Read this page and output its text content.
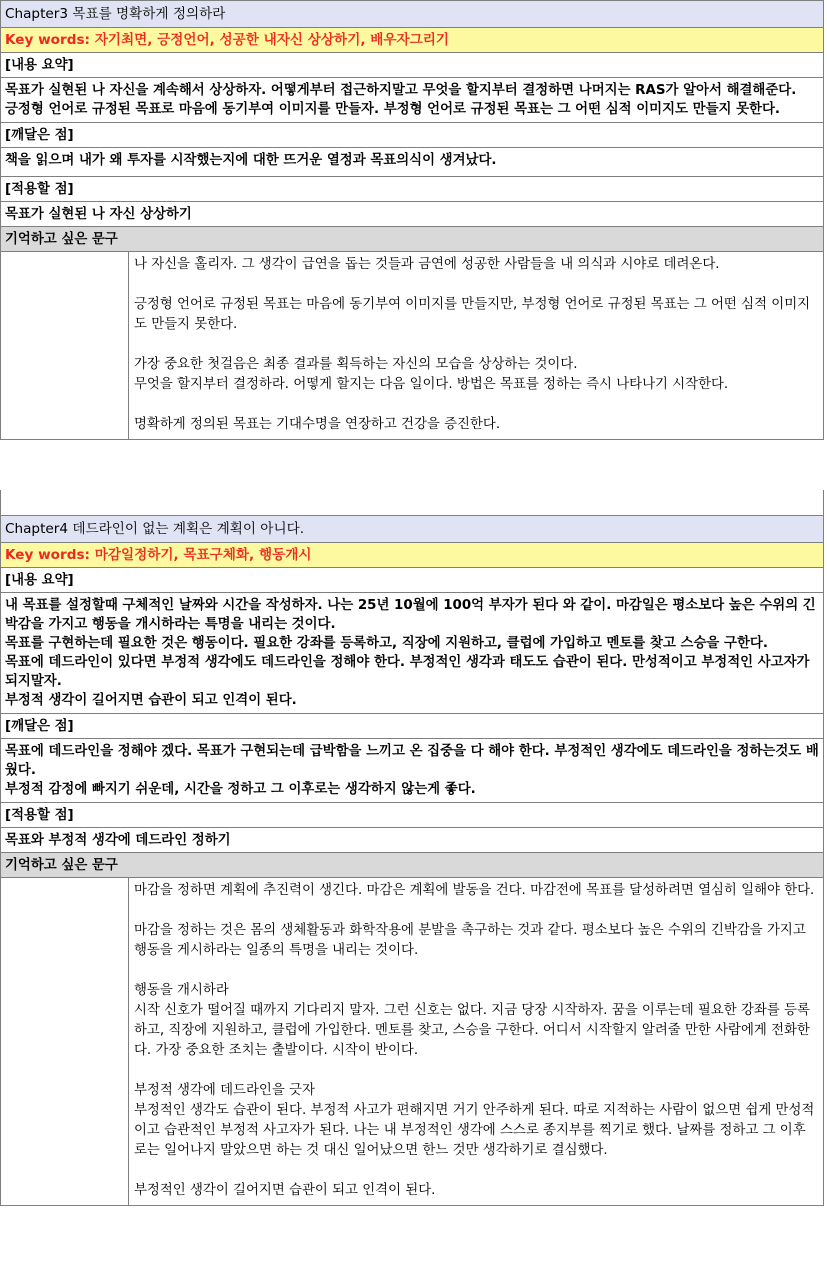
Chapter3 목표를 명확하게 정의하라
Key words: 자기최면, 긍정언어, 성공한 내자신 상상하기, 배우자그리기
[내용 요약]

목표가 실현된 나 자신을 계속해서 상상하자. 어떻게부터 접근하지말고 무엇을 할지부터 결정하면 나머지는 RAS가 알아서 해결해준다.

긍정형 언어로 규정된 목표로 마음에 동기부여 이미지를 만들자. 부정형 언어로 규정된 목표는 그 어떤 심적 이미지도 만들지 못한다.

[깨달은 점]

책을 읽으며 내가 왜 투자를 시작했는지에 대한 뜨거운 열정과 목표의식이 생겨났다.

[적용할 점]
목표가 실현된 나 자신 상상하기
기억하고 싶은 문구

나 자신을 홀리자. 그 생각이 급연을 돕는 것들과 금연에 성공한 사람들을 내 의식과 시야로 데려온다.

긍정형 언어로 규정된 목표는 마음에 동기부여 이미지를 만들지만, 부정형 언어로 규정된 목표는 그 어떤 심적 이미지도 만들지 못한다.

가장 중요한 첫걸음은 최종 결과를 획득하는 자신의 모습을 상상하는 것이다.

무엇을 할지부터 결정하라. 어떻게 할지는 다음 일이다. 방법은 목표를 정하는 즉시 나타나기 시작한다.

명확하게 정의된 목표는 기대수명을 연장하고 건강을 증진한다.

Chapter4 데드라인이 없는 계획은 계획이 아니다.
Key words: 마감일정하기, 목표구체화, 행동개시
[내용 요약]

내 목표를 설정할때 구체적인 날짜와 시간을 작성하자. 나는 25년 10월에 100억 부자가 된다 와 같이. 마감일은 평소보다 높은 수위의 긴박감을 가지고 행동을 개시하라는 특명을 내리는 것이다.

목표를 구현하는데 필요한 것은 행동이다. 필요한 강좌를 등록하고, 직장에 지원하고, 클럽에 가입하고 멘토를 찾고 스승을 구한다.

목표에 데드라인이 있다면 부정적 생각에도 데드라인을 정해야 한다. 부정적인 생각과 태도도 습관이 된다. 만성적이고 부정적인 사고자가 되지말자.

부정적 생각이 길어지면 습관이 되고 인격이 된다.

[깨달은 점]

목표에 데드라인을 정해야 겠다. 목표가 구현되는데 급박함을 느끼고 온 집중을 다 해야 한다. 부정적인 생각에도 데드라인을 정하는것도 배웠다.

부정적 감정에 빠지기 쉬운데, 시간을 정하고 그 이후로는 생각하지 않는게 좋다.

[적용할 점]
목표와 부정적 생각에 데드라인 정하기
기억하고 싶은 문구

마감을 정하면 계획에 추진력이 생긴다. 마감은 계획에 발동을 건다. 마감전에 목표를 달성하려면 열심히 일해야 한다.

마감을 정하는 것은 몸의 생체활동과 화학작용에 분발을 촉구하는 것과 같다. 평소보다 높은 수위의 긴박감을 가지고 행동을 게시하라는 일종의 특명을 내리는 것이다.

행동을 개시하라

시작 신호가 떨어질 때까지 기다리지 말자. 그런 신호는 없다. 지금 당장 시작하자. 꿈을 이루는데 필요한 강좌를 등록하고, 직장에 지원하고, 클럽에 가입한다. 멘토를 찾고, 스승을 구한다. 어디서 시작할지 알려줄 만한 사람에게 전화한다. 가장 중요한 조치는 출발이다. 시작이 반이다.

부정적 생각에 데드라인을 긋자

부정적인 생각도 습관이 된다. 부정적 사고가 편해지면 거기 안주하게 된다. 따로 지적하는 사람이 없으면 쉽게 만성적이고 습관적인 부정적 사고자가 된다. 나는 내 부정적인 생각에 스스로 종지부를 찍기로 했다. 날짜를 정하고 그 이후로는 일어나지 말았으면 하는 것 대신 일어났으면 한느 것만 생각하기로 결심했다.

부정적인 생각이 길어지면 습관이 되고 인격이 된다.
